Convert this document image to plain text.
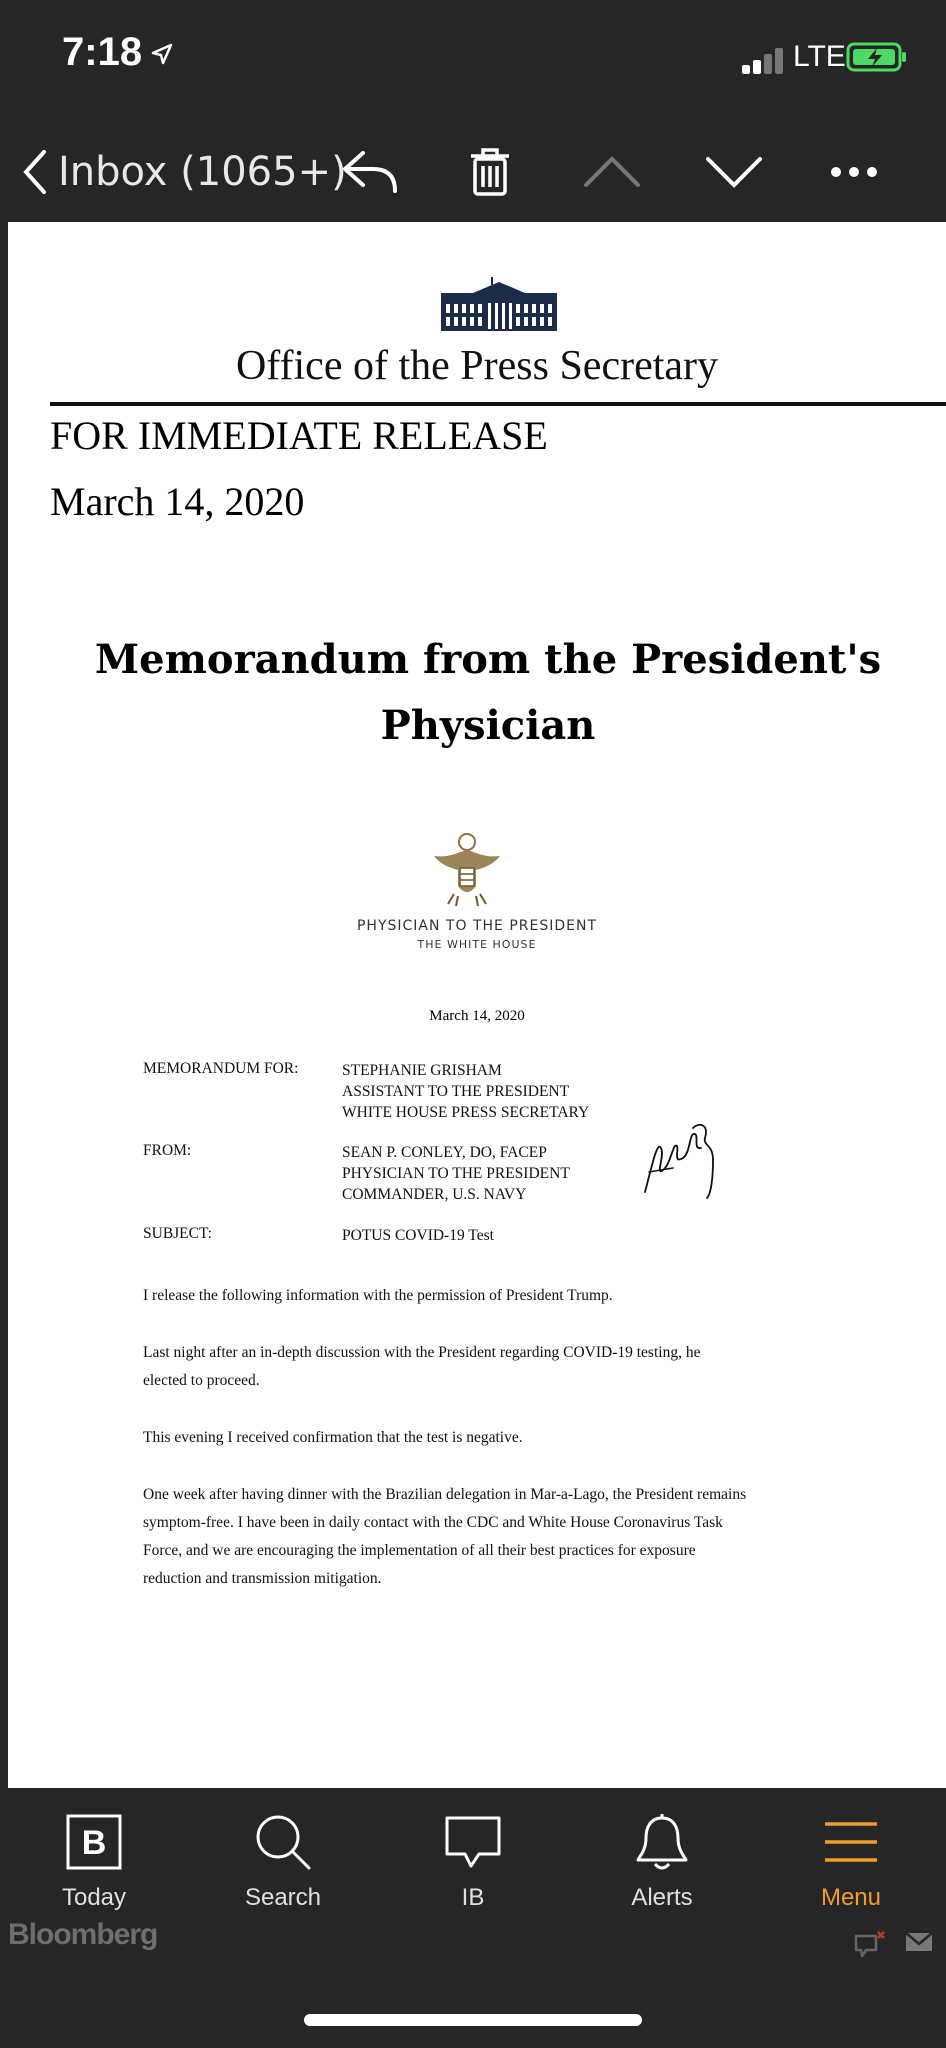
7:18	LTE
Inbox (1065+)
Office of the Press Secretary
FOR IMMEDIATE RELEASE
March 14, 2020
Memorandum from the President's
Physician
PHYSICIAN TO THE PRESIDENT
THE WHITE HOUSE
March 14, 2020
MEMORANDUM FOR:	STEPHANIE GRISHAM
ASSISTANT TO THE PRESIDENT
WHITE HOUSE PRESS SECRETARY
FROM:	SEAN P. CONLEY, DO, FACEP
PHYSICIAN TO THE PRESIDENT
COMMANDER, U.S. NAVY
SUBJECT:	POTUS COVID-19 Test
I release the following information with the permission of President Trump.
Last night after an in-depth discussion with the President regarding COVID-19 testing, he
elected to proceed.
This evening I received confirmation that the test is negative.
One week after having dinner with the Brazilian delegation in Mar-a-Lago, the President remains
symptom-free. I have been in daily contact with the CDC and White House Coronavirus Task
Force, and we are encouraging the implementation of all their best practices for exposure
reduction and transmission mitigation.
B
Today	Search	IB	Alerts	Menu
Bloomberg
